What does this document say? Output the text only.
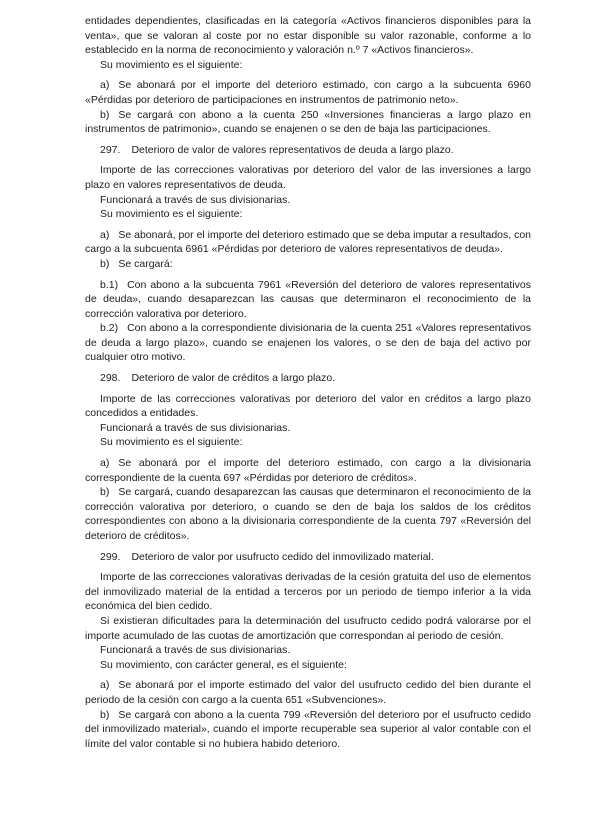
entidades dependientes, clasificadas en la categoría «Activos financieros disponibles para la venta», que se valoran al coste por no estar disponible su valor razonable, conforme a lo establecido en la norma de reconocimiento y valoración n.º 7 «Activos financieros».

Su movimiento es el siguiente:

a) Se abonará por el importe del deterioro estimado, con cargo a la subcuenta 6960 «Pérdidas por deterioro de participaciones en instrumentos de patrimonio neto».

b) Se cargará con abono a la cuenta 250 «Inversiones financieras a largo plazo en instrumentos de patrimonio», cuando se enajenen o se den de baja las participaciones.

297. Deterioro de valor de valores representativos de deuda a largo plazo.

Importe de las correcciones valorativas por deterioro del valor de las inversiones a largo plazo en valores representativos de deuda.

Funcionará a través de sus divisionarias.

Su movimiento es el siguiente:

a) Se abonará, por el importe del deterioro estimado que se deba imputar a resultados, con cargo a la subcuenta 6961 «Pérdidas por deterioro de valores representativos de deuda».

b) Se cargará:

b.1) Con abono a la subcuenta 7961 «Reversión del deterioro de valores representativos de deuda», cuando desaparezcan las causas que determinaron el reconocimiento de la corrección valorativa por deterioro.

b.2) Con abono a la correspondiente divisionaria de la cuenta 251 «Valores representativos de deuda a largo plazo», cuando se enajenen los valores, o se den de baja del activo por cualquier otro motivo.

298. Deterioro de valor de créditos a largo plazo.

Importe de las correcciones valorativas por deterioro del valor en créditos a largo plazo concedidos a entidades.

Funcionará a través de sus divisionarias.

Su movimiento es el siguiente:

a) Se abonará por el importe del deterioro estimado, con cargo a la divisionaria correspondiente de la cuenta 697 «Pérdidas por deterioro de créditos».

b) Se cargará, cuando desaparezcan las causas que determinaron el reconocimiento de la corrección valorativa por deterioro, o cuando se den de baja los saldos de los créditos correspondientes con abono a la divisionaria correspondiente de la cuenta 797 «Reversión del deterioro de créditos».

299. Deterioro de valor por usufructo cedido del inmovilizado material.

Importe de las correcciones valorativas derivadas de la cesión gratuita del uso de elementos del inmovilizado material de la entidad a terceros por un periodo de tiempo inferior a la vida económica del bien cedido.

Si existieran dificultades para la determinación del usufructo cedido podrá valorarse por el importe acumulado de las cuotas de amortización que correspondan al periodo de cesión.

Funcionará a través de sus divisionarias.

Su movimiento, con carácter general, es el siguiente:

a) Se abonará por el importe estimado del valor del usufructo cedido del bien durante el periodo de la cesión con cargo a la cuenta 651 «Subvenciones».

b) Se cargará con abono a la cuenta 799 «Reversión del deterioro por el usufructo cedido del inmovilizado material», cuando el importe recuperable sea superior al valor contable con el límite del valor contable si no hubiera habido deterioro.
